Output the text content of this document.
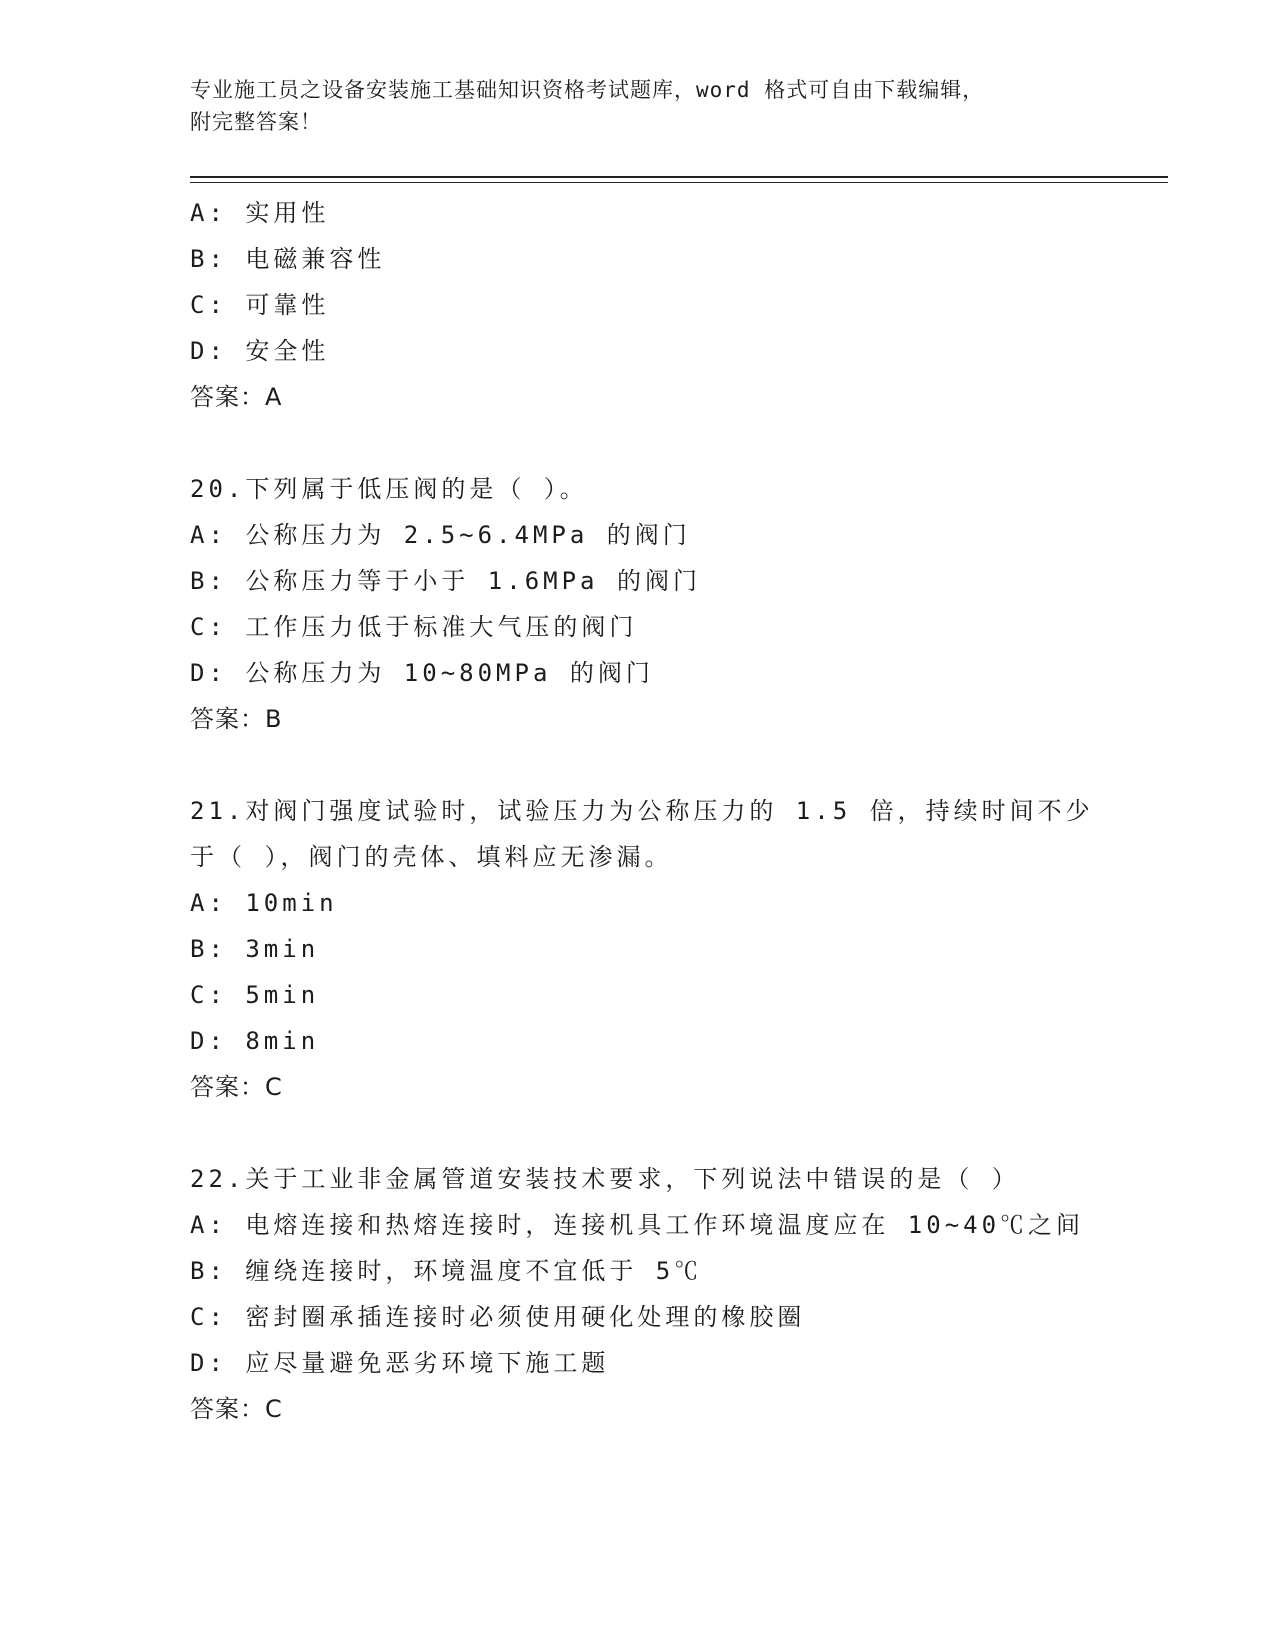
专业施工员之设备安装施工基础知识资格考试题库，word 格式可自由下载编辑，
附完整答案！
A: 实用性
B: 电磁兼容性
C: 可靠性
D: 安全性
答案：A
20.下列属于低压阀的是（ ）。
A: 公称压力为 2.5~6.4MPa 的阀门
B: 公称压力等于小于 1.6MPa 的阀门
C: 工作压力低于标准大气压的阀门
D: 公称压力为 10~80MPa 的阀门
答案：B
21.对阀门强度试验时，试验压力为公称压力的 1.5 倍，持续时间不少
于（ ），阀门的壳体、填料应无渗漏。
A: 10min
B: 3min
C: 5min
D: 8min
答案：C
22.关于工业非金属管道安装技术要求，下列说法中错误的是（ ）
A: 电熔连接和热熔连接时，连接机具工作环境温度应在 10~40℃之间
B: 缠绕连接时，环境温度不宜低于 5℃
C: 密封圈承插连接时必须使用硬化处理的橡胶圈
D: 应尽量避免恶劣环境下施工题
答案：C
